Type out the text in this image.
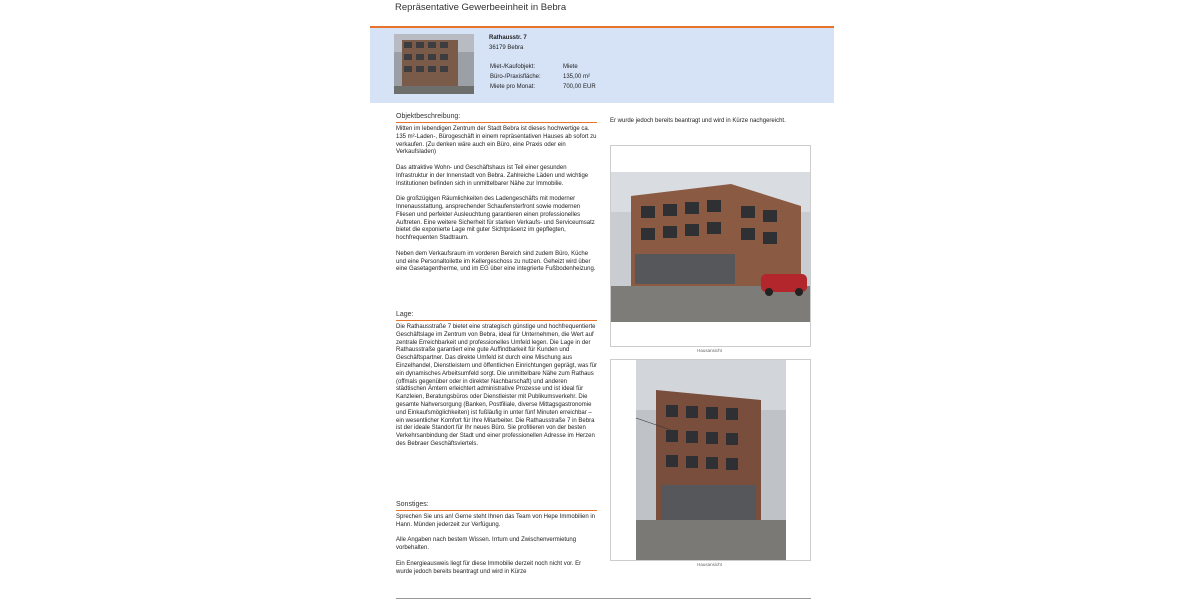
Repräsentative Gewerbeeinheit in Bebra
Rathausstr. 7
36179 Bebra
Miet-/Kaufobjekt:	Miete
Büro-/Praxisfläche:	135,00 m²
Miete pro Monat:	700,00 EUR
Objektbeschreibung:

Mitten im lebendigen Zentrum der Stadt Bebra ist dieses hochwertige ca. 135 m²-Laden-, Bürogeschäft in einem repräsentativen Hauses ab sofort zu verkaufen. (Zu denken wäre auch ein Büro, eine Praxis oder ein Verkaufsladen)

Das attraktive Wohn- und Geschäftshaus ist Teil einer gesunden Infrastruktur in der Innenstadt von Bebra. Zahlreiche Läden und wichtige Institutionen befinden sich in unmittelbarer Nähe zur Immobilie.

Die großzügigen Räumlichkeiten des Ladengeschäfts mit moderner Innenausstattung, ansprechender Schaufensterfront sowie modernen Fliesen und perfekter Ausleuchtung garantieren einen professionelles Auftreten. Eine weitere Sicherheit für starken Verkaufs- und Serviceumsatz bietet die exponierte Lage mit guter Sichtpräsenz im gepflegten, hochfrequenten Stadtraum.

Neben dem Verkaufsraum im vorderen Bereich sind zudem Büro, Küche und eine Personaltoilette im Kellergeschoss zu nutzen. Geheizt wird über eine Gasetagentherme, und im EG über eine integrierte Fußbodenheizung.

Lage:

Die Rathausstraße 7 bietet eine strategisch günstige und hochfrequentierte Geschäftslage im Zentrum von Bebra, ideal für Unternehmen, die Wert auf zentrale Erreichbarkeit und professionelles Umfeld legen. Die Lage in der Rathausstraße garantiert eine gute Auffindbarkeit für Kunden und Geschäftspartner. Das direkte Umfeld ist durch eine Mischung aus Einzelhandel, Dienstleistern und öffentlichen Einrichtungen geprägt, was für ein dynamisches Arbeitsumfeld sorgt. Die unmittelbare Nähe zum Rathaus (offmals gegenüber oder in direkter Nachbarschaft) und anderen städtischen Ämtern erleichtert administrative Prozesse und ist ideal für Kanzleien, Beratungsbüros oder Dienstleister mit Publikumsverkehr. Die gesamte Nahversorgung (Banken, Postfiliale, diverse Mittagsgastronomie und Einkaufsmöglichkeiten) ist fußläufig in unter fünf Minuten erreichbar – ein wesentlicher Komfort für Ihre Mitarbeiter. Die Rathausstraße 7 in Bebra ist der ideale Standort für Ihr neues Büro. Sie profitieren von der besten Verkehrsanbindung der Stadt und einer professionellen Adresse im Herzen des Bebraer Geschäftsviertels.

Sonstiges:

Sprechen Sie uns an! Gerne steht Ihnen das Team von Hepe Immobilien in Hann. Münden jederzeit zur Verfügung.

Alle Angaben nach bestem Wissen. Irrtum und Zwischenvermietung vorbehalten.

Ein Energieausweis liegt für diese Immobilie derzeit noch nicht vor. Er wurde jedoch bereits beantragt und wird in Kürze

Er wurde jedoch bereits beantragt und wird in Kürze nachgereicht.
Hausansicht
Hausansicht
